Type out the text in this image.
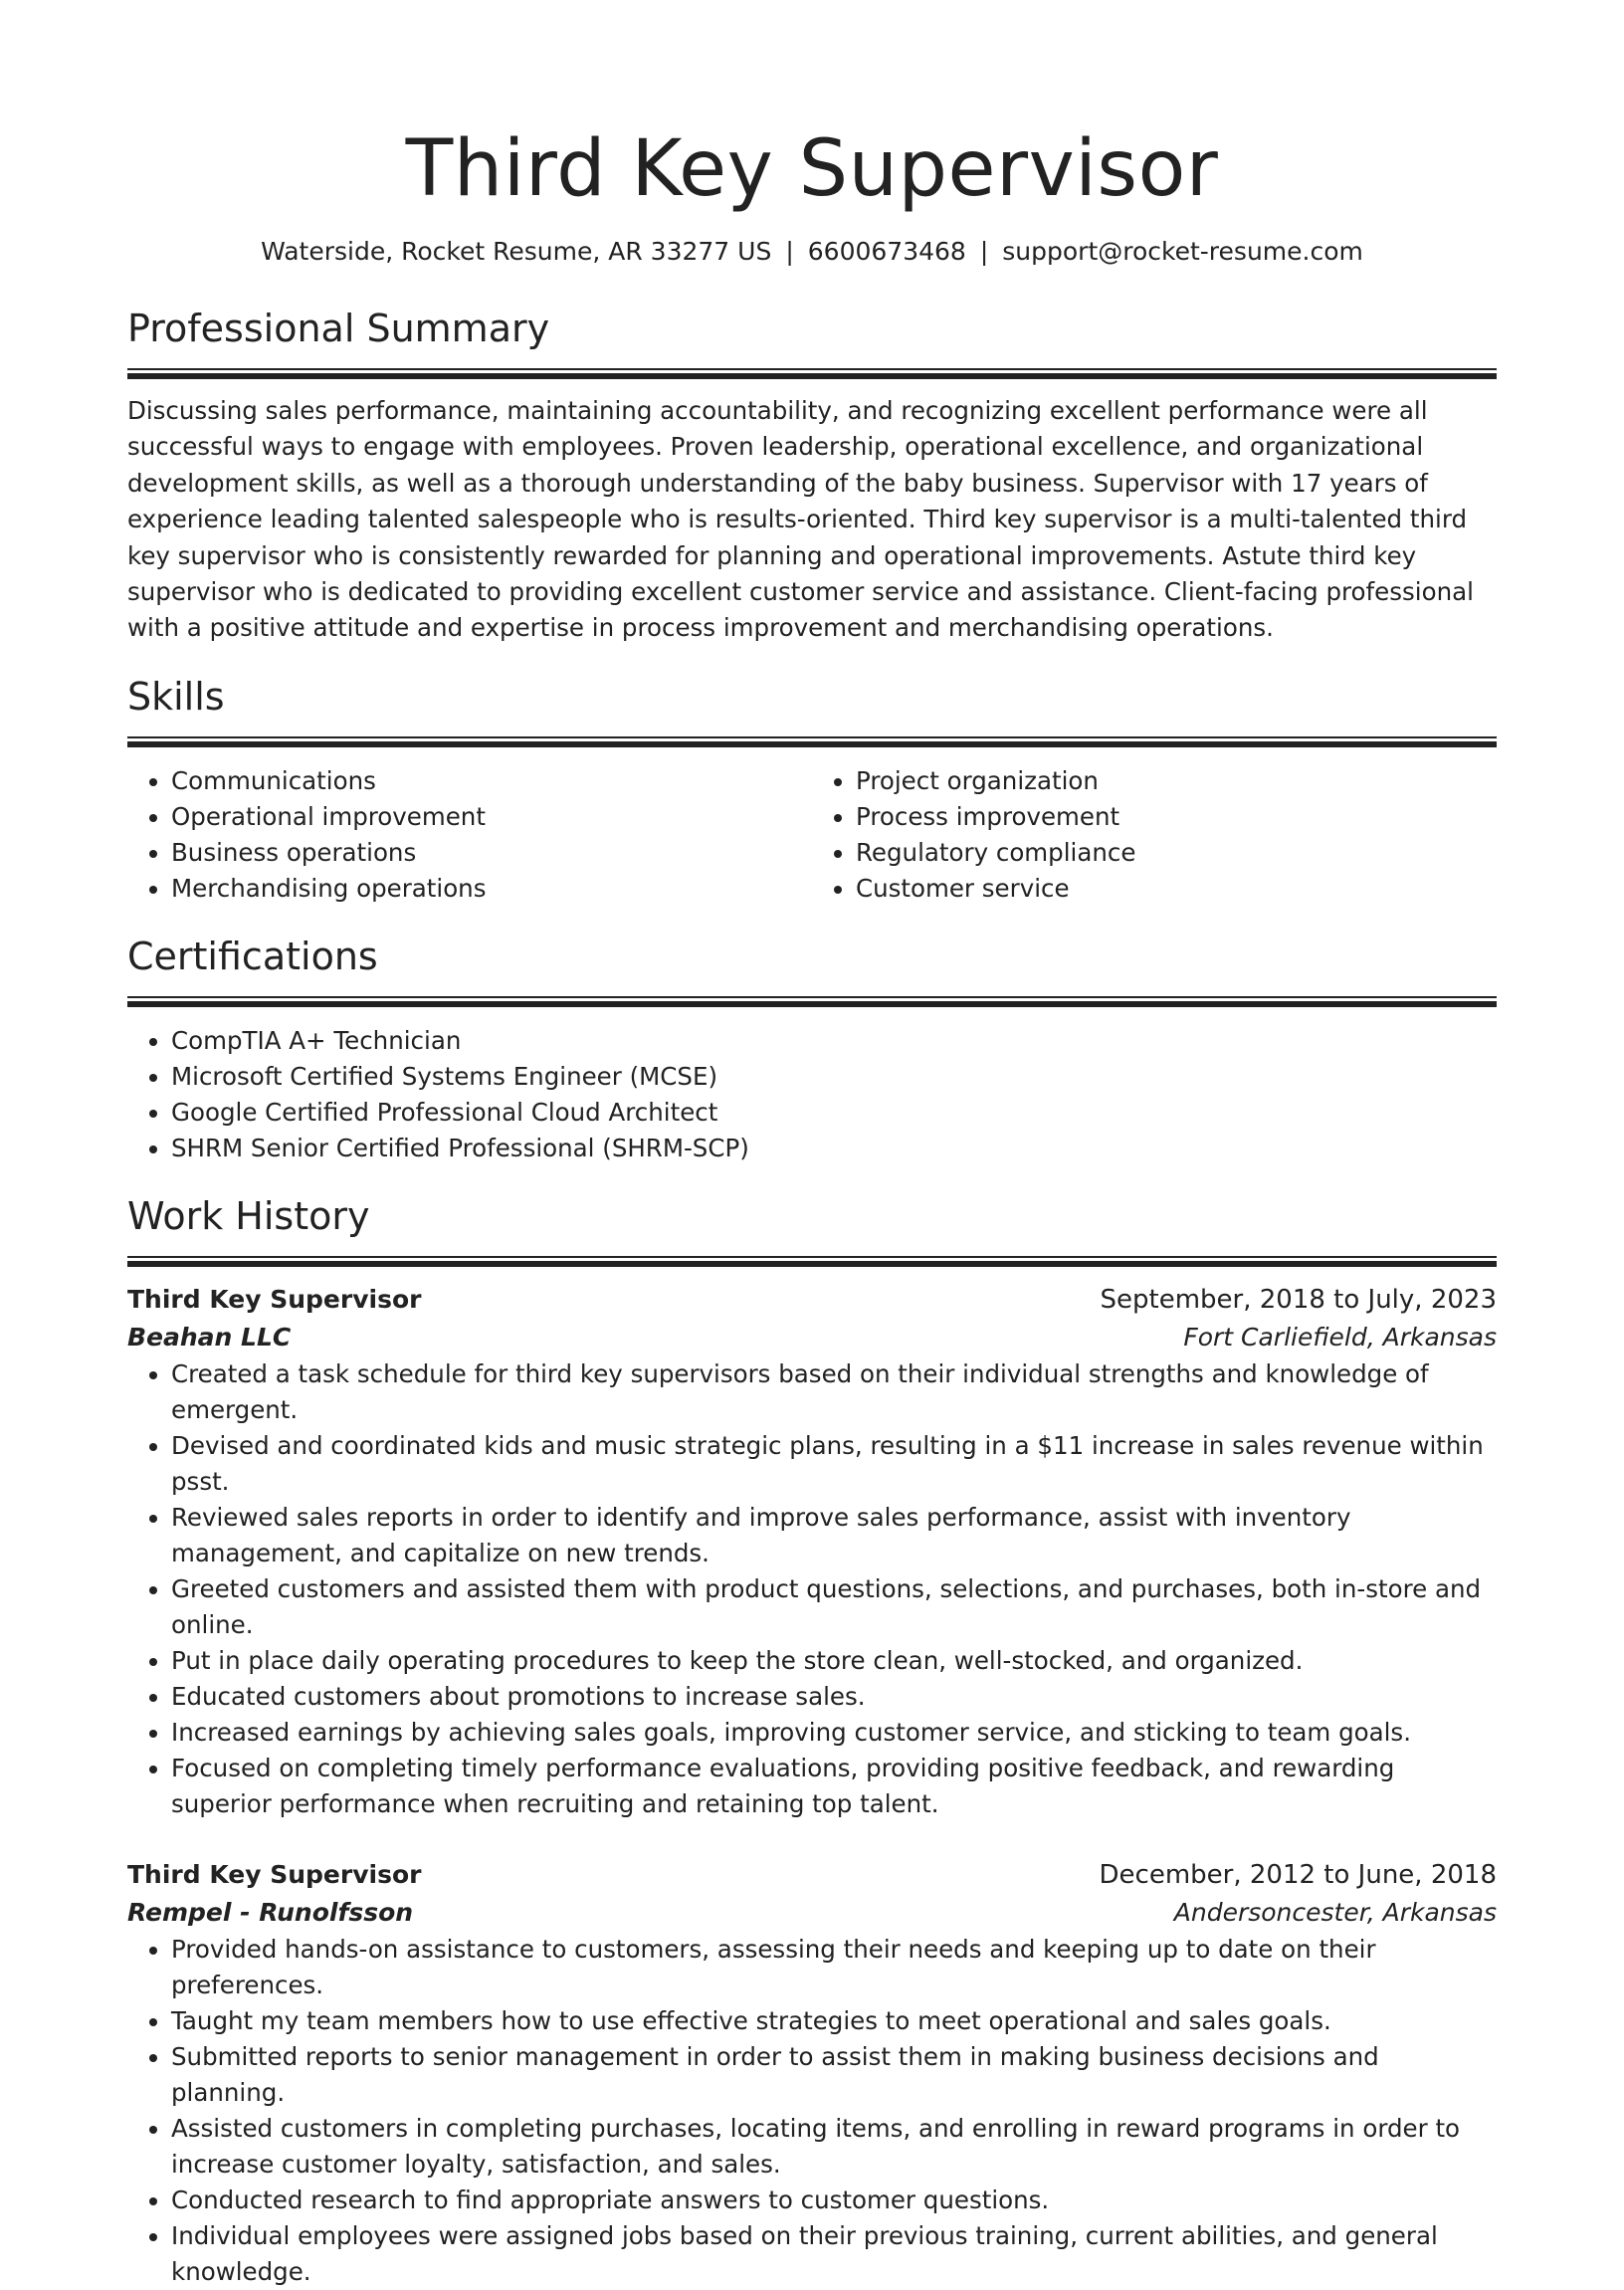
Third Key Supervisor
Waterside, Rocket Resume, AR 33277 US | 6600673468 | support@rocket-resume.com
Professional Summary

Discussing sales performance, maintaining accountability, and recognizing excellent performance were all successful ways to engage with employees. Proven leadership, operational excellence, and organizational development skills, as well as a thorough understanding of the baby business. Supervisor with 17 years of experience leading talented salespeople who is results-oriented. Third key supervisor is a multi-talented third key supervisor who is consistently rewarded for planning and operational improvements. Astute third key supervisor who is dedicated to providing excellent customer service and assistance. Client-facing professional with a positive attitude and expertise in process improvement and merchandising operations.

Skills
• Communications
• Operational improvement
• Business operations
• Merchandising operations
• Project organization
• Process improvement
• Regulatory compliance
• Customer service
Certifications
• CompTIA A+ Technician
• Microsoft Certified Systems Engineer (MCSE)
• Google Certified Professional Cloud Architect
• SHRM Senior Certified Professional (SHRM-SCP)
Work History
Third Key Supervisor	September, 2018 to July, 2023
Beahan LLC	Fort Carliefield, Arkansas
• Created a task schedule for third key supervisors based on their individual strengths and knowledge of emergent.
• Devised and coordinated kids and music strategic plans, resulting in a $11 increase in sales revenue within psst.
• Reviewed sales reports in order to identify and improve sales performance, assist with inventory management, and capitalize on new trends.
• Greeted customers and assisted them with product questions, selections, and purchases, both in-store and online.
• Put in place daily operating procedures to keep the store clean, well-stocked, and organized.
• Educated customers about promotions to increase sales.
• Increased earnings by achieving sales goals, improving customer service, and sticking to team goals.
• Focused on completing timely performance evaluations, providing positive feedback, and rewarding superior performance when recruiting and retaining top talent.
Third Key Supervisor	December, 2012 to June, 2018
Rempel - Runolfsson	Andersoncester, Arkansas
• Provided hands-on assistance to customers, assessing their needs and keeping up to date on their preferences.
• Taught my team members how to use effective strategies to meet operational and sales goals.
• Submitted reports to senior management in order to assist them in making business decisions and planning.
• Assisted customers in completing purchases, locating items, and enrolling in reward programs in order to increase customer loyalty, satisfaction, and sales.
• Conducted research to find appropriate answers to customer questions.
• Individual employees were assigned jobs based on their previous training, current abilities, and general knowledge.
